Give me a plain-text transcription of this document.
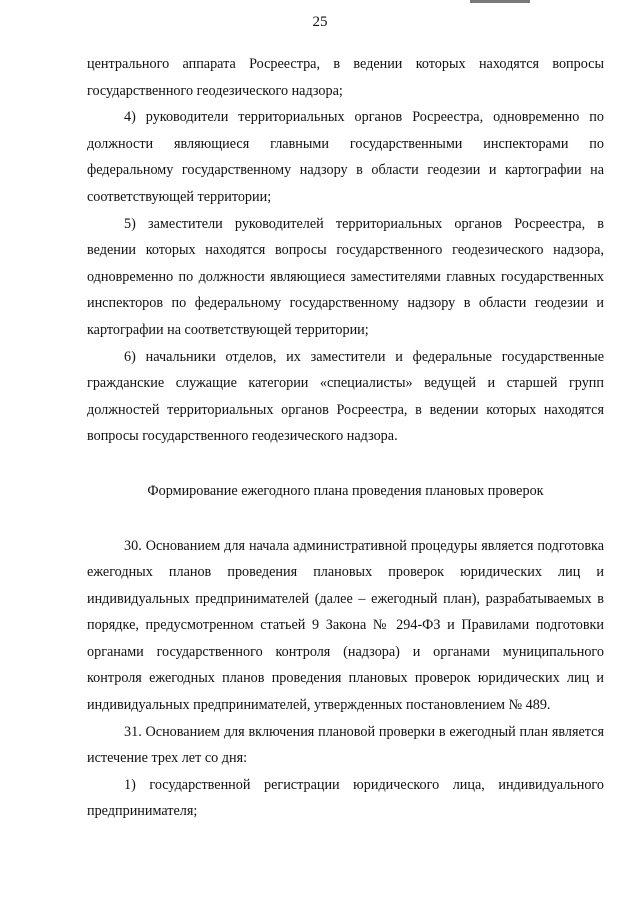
25

центрального аппарата Росреестра, в ведении которых находятся вопросы государственного геодезического надзора;

4) руководители территориальных органов Росреестра, одновременно по должности являющиеся главными государственными инспекторами по федеральному государственному надзору в области геодезии и картографии на соответствующей территории;

5) заместители руководителей территориальных органов Росреестра, в ведении которых находятся вопросы государственного геодезического надзора, одновременно по должности являющиеся заместителями главных государственных инспекторов по федеральному государственному надзору в области геодезии и картографии на соответствующей территории;

6) начальники отделов, их заместители и федеральные государственные гражданские служащие категории «специалисты» ведущей и старшей групп должностей территориальных органов Росреестра, в ведении которых находятся вопросы государственного геодезического надзора.

Формирование ежегодного плана проведения плановых проверок

30. Основанием для начала административной процедуры является подготовка ежегодных планов проведения плановых проверок юридических лиц и индивидуальных предпринимателей (далее – ежегодный план), разрабатываемых в порядке, предусмотренном статьей 9 Закона № 294-ФЗ и Правилами подготовки органами государственного контроля (надзора) и органами муниципального контроля ежегодных планов проведения плановых проверок юридических лиц и индивидуальных предпринимателей, утвержденных постановлением № 489.

31. Основанием для включения плановой проверки в ежегодный план является истечение трех лет со дня:

1) государственной регистрации юридического лица, индивидуального предпринимателя;
